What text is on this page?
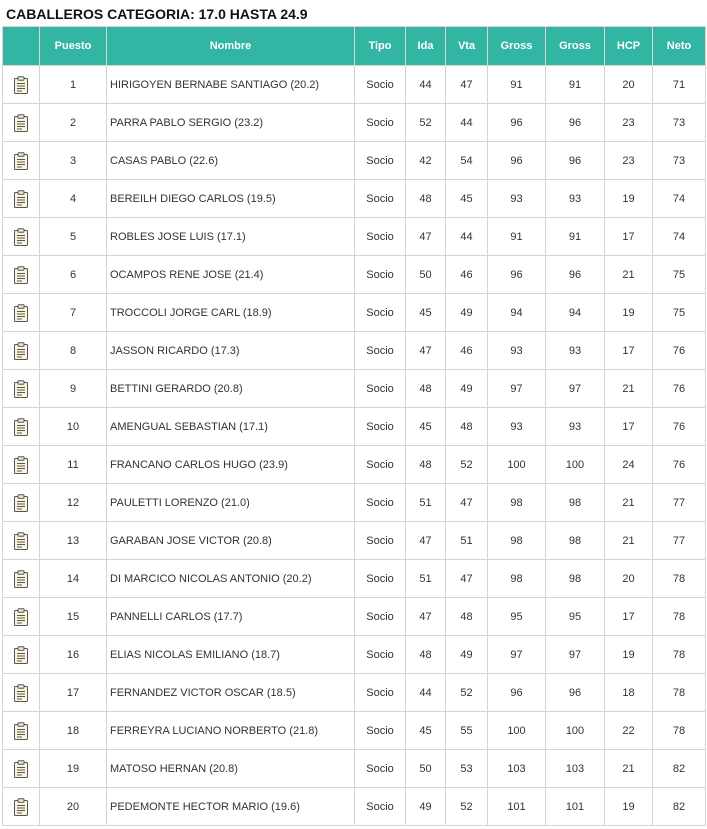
CABALLEROS CATEGORIA: 17.0 HASTA 24.9
	Puesto	Nombre	Tipo	Ida	Vta	Gross	Gross	HCP	Neto
	1	HIRIGOYEN BERNABE SANTIAGO (20.2)	Socio	44	47	91	91	20	71
	2	PARRA PABLO SERGIO (23.2)	Socio	52	44	96	96	23	73
	3	CASAS PABLO (22.6)	Socio	42	54	96	96	23	73
	4	BEREILH DIEGO CARLOS (19.5)	Socio	48	45	93	93	19	74
	5	ROBLES JOSE LUIS (17.1)	Socio	47	44	91	91	17	74
	6	OCAMPOS RENE JOSE (21.4)	Socio	50	46	96	96	21	75
	7	TROCCOLI JORGE CARL (18.9)	Socio	45	49	94	94	19	75
	8	JASSON RICARDO (17.3)	Socio	47	46	93	93	17	76
	9	BETTINI GERARDO (20.8)	Socio	48	49	97	97	21	76
	10	AMENGUAL SEBASTIAN (17.1)	Socio	45	48	93	93	17	76
	11	FRANCANO CARLOS HUGO (23.9)	Socio	48	52	100	100	24	76
	12	PAULETTI LORENZO (21.0)	Socio	51	47	98	98	21	77
	13	GARABAN JOSE VICTOR (20.8)	Socio	47	51	98	98	21	77
	14	DI MARCICO NICOLAS ANTONIO (20.2)	Socio	51	47	98	98	20	78
	15	PANNELLI CARLOS (17.7)	Socio	47	48	95	95	17	78
	16	ELIAS NICOLAS EMILIANO (18.7)	Socio	48	49	97	97	19	78
	17	FERNANDEZ VICTOR OSCAR (18.5)	Socio	44	52	96	96	18	78
	18	FERREYRA LUCIANO NORBERTO (21.8)	Socio	45	55	100	100	22	78
	19	MATOSO HERNAN (20.8)	Socio	50	53	103	103	21	82
	20	PEDEMONTE HECTOR MARIO (19.6)	Socio	49	52	101	101	19	82
